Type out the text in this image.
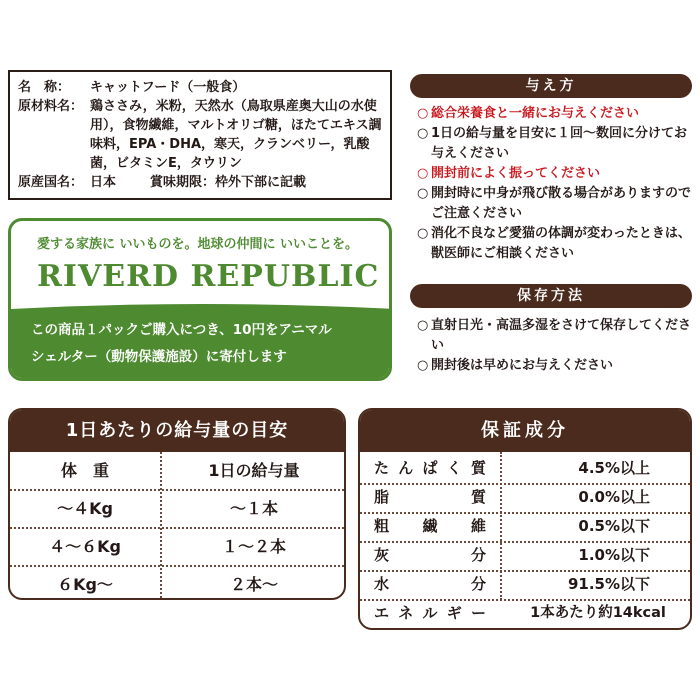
名　称：	キャットフード（一般食）
原材料名： 鶏ささみ，米粉，天然水（鳥取県産奥大山の水使用），食物繊維，マルトオリゴ糖，ほたてエキス調味料，EPA・DHA，寒天，クランベリー，乳酸菌，ビタミンE，タウリン
原産国名： 日本	賞味期限： 枠外下部に記載
愛する家族に いいものを。地球の仲間に いいことを。
RIVERD REPUBLIC
この商品１パックご購入につき、10円をアニマル
シェルター（動物保護施設）に寄付します
与え方
○ 総合栄養食と一緒にお与えください
○ 1日の給与量を目安に１回～数回に分けてお与えください
○ 開封前によく振ってください
○ 開封時に中身が飛び散る場合がありますのでご注意ください
○ 消化不良など愛猫の体調が変わったときは、獣医師にご相談ください
保存方法
○ 直射日光・高温多湿をさけて保存してください
○ 開封後は早めにお与えください
1日あたりの給与量の目安
体　重	1日の給与量
～４Kg	～１本
４～６Kg	１～２本
６Kg～	２本～
保証成分
たんぱく質	4.5%以上
脂質	0.0%以上
粗繊維	0.5%以下
灰分	1.0%以下
水分	91.5%以下
エネルギー	1本あたり約14kcal
